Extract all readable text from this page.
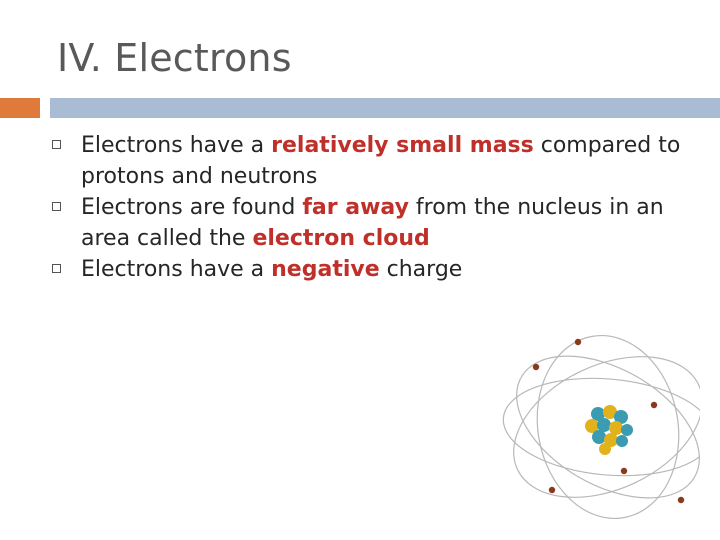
IV. Electrons
Electrons have a relatively small mass compared to protons and neutrons
Electrons are found far away from the nucleus in an area called the electron cloud
Electrons have a negative charge
